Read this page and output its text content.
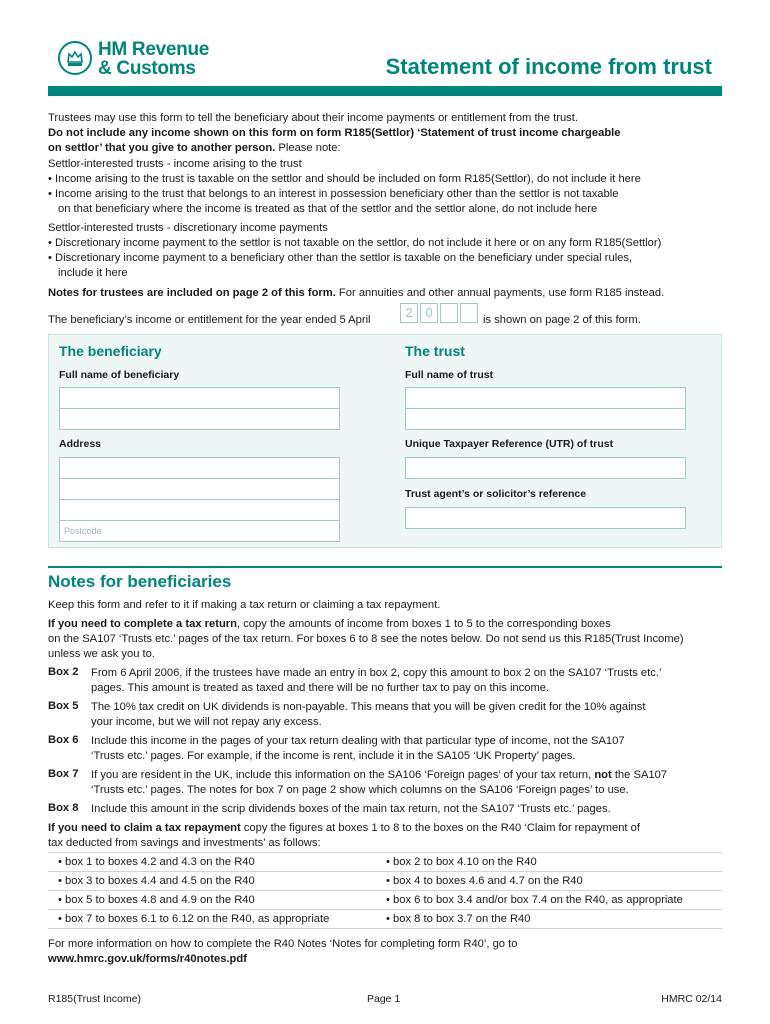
HM Revenue
& Customs	Statement of income from trust
Trustees may use this form to tell the beneficiary about their income payments or entitlement from the trust.
Do not include any income shown on this form on form R185(Settlor) ‘Statement of trust income chargeable
on settlor’ that you give to another person. Please note:
Settlor-interested trusts - income arising to the trust
• Income arising to the trust is taxable on the settlor and should be included on form R185(Settlor), do not include it here
• Income arising to the trust that belongs to an interest in possession beneficiary other than the settlor is not taxable
on that beneficiary where the income is treated as that of the settlor and the settlor alone, do not include here
Settlor-interested trusts - discretionary income payments
• Discretionary income payment to the settlor is not taxable on the settlor, do not include it here or on any form R185(Settlor)
• Discretionary income payment to a beneficiary other than the settlor is taxable on the beneficiary under special rules,
include it here
Notes for trustees are included on page 2 of this form. For annuities and other annual payments, use form R185 instead.
The beneficiary’s income or entitlement for the year ended 5 April	2 0	is shown on page 2 of this form.
The beneficiary	The trust
Full name of beneficiary	Full name of trust
Address	Unique Taxpayer Reference (UTR) of trust
Postcode
Trust agent’s or solicitor’s reference
Notes for beneficiaries
Keep this form and refer to it if making a tax return or claiming a tax repayment.
If you need to complete a tax return, copy the amounts of income from boxes 1 to 5 to the corresponding boxes
on the SA107 ‘Trusts etc.’ pages of the tax return. For boxes 6 to 8 see the notes below. Do not send us this R185(Trust Income)
unless we ask you to.
Box 2 From 6 April 2006, if the trustees have made an entry in box 2, copy this amount to box 2 on the SA107 ‘Trusts etc.’
pages. This amount is treated as taxed and there will be no further tax to pay on this income.
Box 5 The 10% tax credit on UK dividends is non-payable. This means that you will be given credit for the 10% against
your income, but we will not repay any excess.
Box 6 Include this income in the pages of your tax return dealing with that particular type of income, not the SA107
‘Trusts etc.’ pages. For example, if the income is rent, include it in the SA105 ‘UK Property’ pages.
Box 7 If you are resident in the UK, include this information on the SA106 ‘Foreign pages’ of your tax return, not the SA107
‘Trusts etc.’ pages. The notes for box 7 on page 2 show which columns on the SA106 ‘Foreign pages’ to use.
Box 8 Include this amount in the scrip dividends boxes of the main tax return, not the SA107 ‘Trusts etc.’ pages.
If you need to claim a tax repayment copy the figures at boxes 1 to 8 to the boxes on the R40 ‘Claim for repayment of
tax deducted from savings and investments’ as follows:
• box 1 to boxes 4.2 and 4.3 on the R40	• box 2 to box 4.10 on the R40
• box 3 to boxes 4.4 and 4.5 on the R40	• box 4 to boxes 4.6 and 4.7 on the R40
• box 5 to boxes 4.8 and 4.9 on the R40	• box 6 to box 3.4 and/or box 7.4 on the R40, as appropriate
• box 7 to boxes 6.1 to 6.12 on the R40, as appropriate	• box 8 to box 3.7 on the R40
For more information on how to complete the R40 Notes ‘Notes for completing form R40’, go to
www.hmrc.gov.uk/forms/r40notes.pdf
R185(Trust Income)	Page 1	HMRC 02/14
